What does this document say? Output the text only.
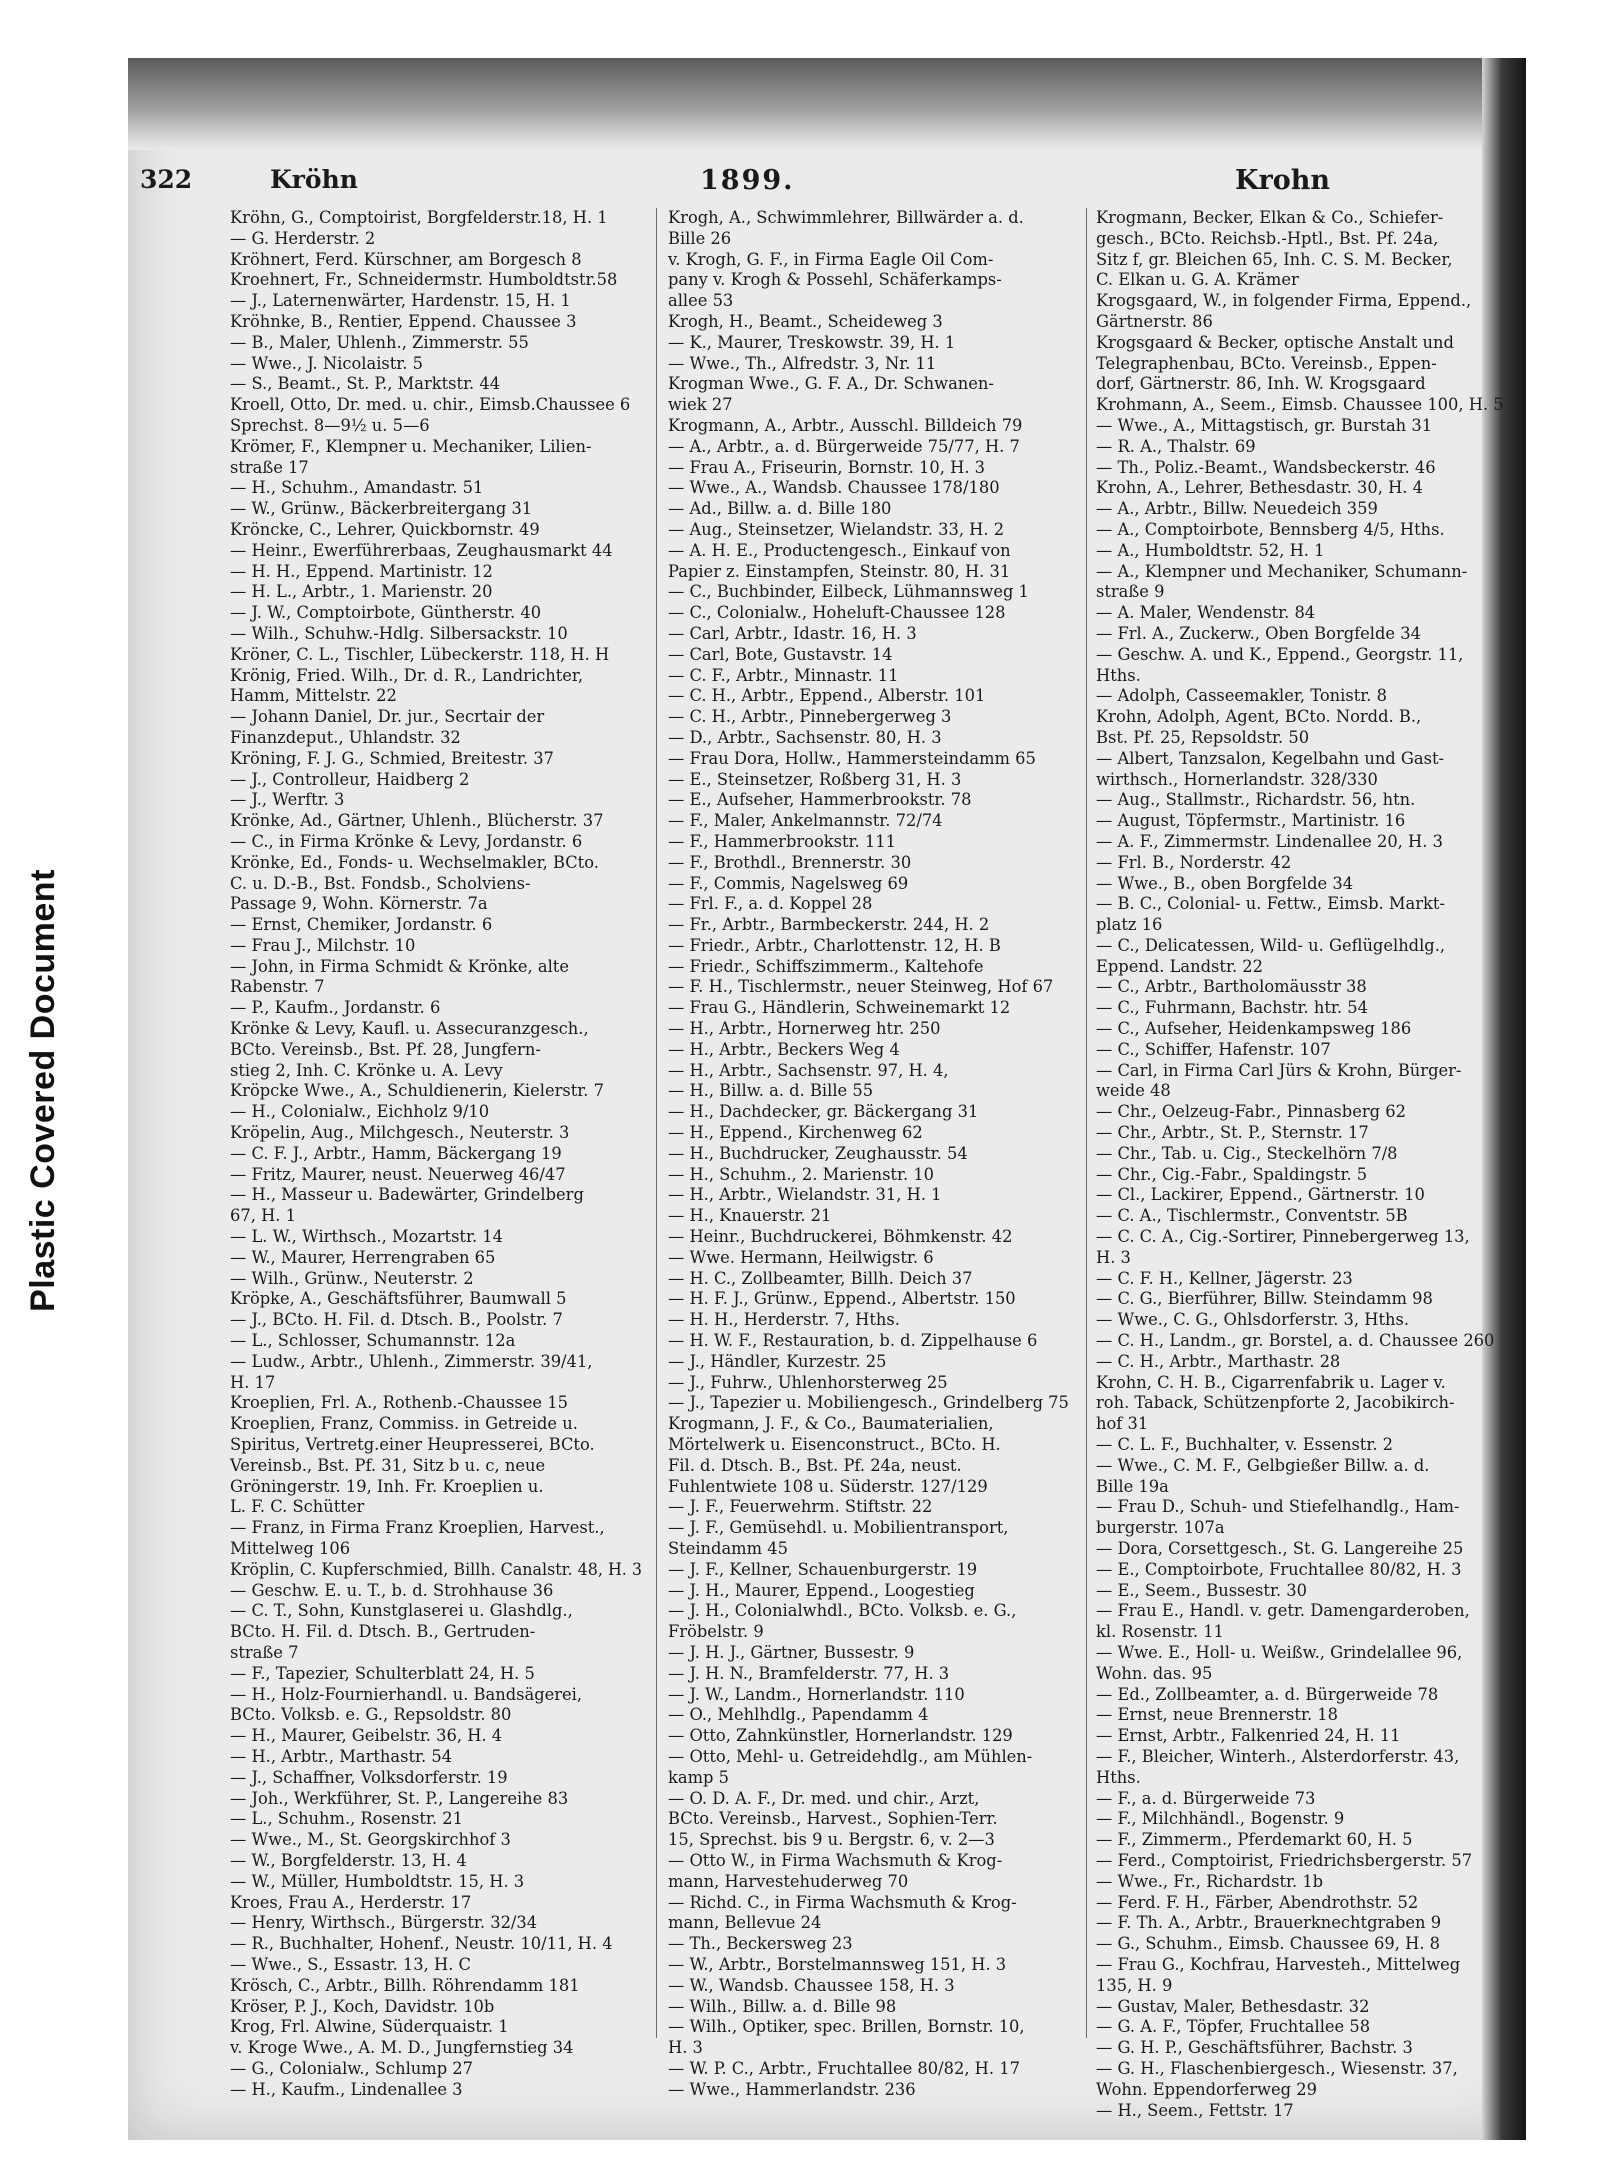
Plastic Covered Document
322	Kröhn	1899.	Krohn
Kröhn, G., Comptoirist, Borgfelderstr.18, H. 1
— G. Herderstr. 2
Kröhnert, Ferd. Kürschner, am Borgesch 8
Kroehnert, Fr., Schneidermstr. Humboldtstr.58
— J., Laternenwärter, Hardenstr. 15, H. 1
Kröhnke, B., Rentier, Eppend. Chaussee 3
— B., Maler, Uhlenh., Zimmerstr. 55
— Wwe., J. Nicolaistr. 5
— S., Beamt., St. P., Marktstr. 44
Kroell, Otto, Dr. med. u. chir., Eimsb.Chaussee 6
Sprechst. 8—9½ u. 5—6
Krömer, F., Klempner u. Mechaniker, Lilien-
straße 17
— H., Schuhm., Amandastr. 51
— W., Grünw., Bäckerbreitergang 31
Kröncke, C., Lehrer, Quickbornstr. 49
— Heinr., Ewerführerbaas, Zeughausmarkt 44
— H. H., Eppend. Martinistr. 12
— H. L., Arbtr., 1. Marienstr. 20
— J. W., Comptoirbote, Güntherstr. 40
— Wilh., Schuhw.-Hdlg. Silbersackstr. 10
Kröner, C. L., Tischler, Lübeckerstr. 118, H. H
Krönig, Fried. Wilh., Dr. d. R., Landrichter,
Hamm, Mittelstr. 22
— Johann Daniel, Dr. jur., Secrtair der
Finanzdeput., Uhlandstr. 32
Kröning, F. J. G., Schmied, Breitestr. 37
— J., Controlleur, Haidberg 2
— J., Werftr. 3
Krönke, Ad., Gärtner, Uhlenh., Blücherstr. 37
— C., in Firma Krönke & Levy, Jordanstr. 6
Krönke, Ed., Fonds- u. Wechselmakler, BCto.
C. u. D.-B., Bst. Fondsb., Scholviens-
Passage 9, Wohn. Körnerstr. 7a
— Ernst, Chemiker, Jordanstr. 6
— Frau J., Milchstr. 10
— John, in Firma Schmidt & Krönke, alte
Rabenstr. 7
— P., Kaufm., Jordanstr. 6
Krönke & Levy, Kaufl. u. Assecuranzgesch.,
BCto. Vereinsb., Bst. Pf. 28, Jungfern-
stieg 2, Inh. C. Krönke u. A. Levy
Kröpcke Wwe., A., Schuldienerin, Kielerstr. 7
— H., Colonialw., Eichholz 9/10
Kröpelin, Aug., Milchgesch., Neuterstr. 3
— C. F. J., Arbtr., Hamm, Bäckergang 19
— Fritz, Maurer, neust. Neuerweg 46/47
— H., Masseur u. Badewärter, Grindelberg
67, H. 1
— L. W., Wirthsch., Mozartstr. 14
— W., Maurer, Herrengraben 65
— Wilh., Grünw., Neuterstr. 2
Kröpke, A., Geschäftsführer, Baumwall 5
— J., BCto. H. Fil. d. Dtsch. B., Poolstr. 7
— L., Schlosser, Schumannstr. 12a
— Ludw., Arbtr., Uhlenh., Zimmerstr. 39/41,
H. 17
Kroeplien, Frl. A., Rothenb.-Chaussee 15
Kroeplien, Franz, Commiss. in Getreide u.
Spiritus, Vertretg.einer Heupresserei, BCto.
Vereinsb., Bst. Pf. 31, Sitz b u. c, neue
Gröningerstr. 19, Inh. Fr. Kroeplien u.
L. F. C. Schütter
— Franz, in Firma Franz Kroeplien, Harvest.,
Mittelweg 106
Kröplin, C. Kupferschmied, Billh. Canalstr. 48, H. 3
— Geschw. E. u. T., b. d. Strohhause 36
— C. T., Sohn, Kunstglaserei u. Glashdlg.,
BCto. H. Fil. d. Dtsch. B., Gertruden-
straße 7
— F., Tapezier, Schulterblatt 24, H. 5
— H., Holz-Fournierhandl. u. Bandsägerei,
BCto. Volksb. e. G., Repsoldstr. 80
— H., Maurer, Geibelstr. 36, H. 4
— H., Arbtr., Marthastr. 54
— J., Schaffner, Volksdorferstr. 19
— Joh., Werkführer, St. P., Langereihe 83
— L., Schuhm., Rosenstr. 21
— Wwe., M., St. Georgskirchhof 3
— W., Borgfelderstr. 13, H. 4
— W., Müller, Humboldtstr. 15, H. 3
Kroes, Frau A., Herderstr. 17
— Henry, Wirthsch., Bürgerstr. 32/34
— R., Buchhalter, Hohenf., Neustr. 10/11, H. 4
— Wwe., S., Essastr. 13, H. C
Krösch, C., Arbtr., Billh. Röhrendamm 181
Kröser, P. J., Koch, Davidstr. 10b
Krog, Frl. Alwine, Süderquaistr. 1
v. Kroge Wwe., A. M. D., Jungfernstieg 34
— G., Colonialw., Schlump 27
— H., Kaufm., Lindenallee 3
Krogh, A., Schwimmlehrer, Billwärder a. d.
Bille 26
v. Krogh, G. F., in Firma Eagle Oil Com-
pany v. Krogh & Possehl, Schäferkamps-
allee 53
Krogh, H., Beamt., Scheideweg 3
— K., Maurer, Treskowstr. 39, H. 1
— Wwe., Th., Alfredstr. 3, Nr. 11
Krogman Wwe., G. F. A., Dr. Schwanen-
wiek 27
Krogmann, A., Arbtr., Ausschl. Billdeich 79
— A., Arbtr., a. d. Bürgerweide 75/77, H. 7
— Frau A., Friseurin, Bornstr. 10, H. 3
— Wwe., A., Wandsb. Chaussee 178/180
— Ad., Billw. a. d. Bille 180
— Aug., Steinsetzer, Wielandstr. 33, H. 2
— A. H. E., Productengesch., Einkauf von
Papier z. Einstampfen, Steinstr. 80, H. 31
— C., Buchbinder, Eilbeck, Lühmannsweg 1
— C., Colonialw., Hoheluft-Chaussee 128
— Carl, Arbtr., Idastr. 16, H. 3
— Carl, Bote, Gustavstr. 14
— C. F., Arbtr., Minnastr. 11
— C. H., Arbtr., Eppend., Alberstr. 101
— C. H., Arbtr., Pinnebergerweg 3
— D., Arbtr., Sachsenstr. 80, H. 3
— Frau Dora, Hollw., Hammersteindamm 65
— E., Steinsetzer, Roßberg 31, H. 3
— E., Aufseher, Hammerbrookstr. 78
— F., Maler, Ankelmannstr. 72/74
— F., Hammerbrookstr. 111
— F., Brothdl., Brennerstr. 30
— F., Commis, Nagelsweg 69
— Frl. F., a. d. Koppel 28
— Fr., Arbtr., Barmbeckerstr. 244, H. 2
— Friedr., Arbtr., Charlottenstr. 12, H. B
— Friedr., Schiffszimmerm., Kaltehofe
— F. H., Tischlermstr., neuer Steinweg, Hof 67
— Frau G., Händlerin, Schweinemarkt 12
— H., Arbtr., Hornerweg htr. 250
— H., Arbtr., Beckers Weg 4
— H., Arbtr., Sachsenstr. 97, H. 4,
— H., Billw. a. d. Bille 55
— H., Dachdecker, gr. Bäckergang 31
— H., Eppend., Kirchenweg 62
— H., Buchdrucker, Zeughausstr. 54
— H., Schuhm., 2. Marienstr. 10
— H., Arbtr., Wielandstr. 31, H. 1
— H., Knauerstr. 21
— Heinr., Buchdruckerei, Böhmkenstr. 42
— Wwe. Hermann, Heilwigstr. 6
— H. C., Zollbeamter, Billh. Deich 37
— H. F. J., Grünw., Eppend., Albertstr. 150
— H. H., Herderstr. 7, Hths.
— H. W. F., Restauration, b. d. Zippelhause 6
— J., Händler, Kurzestr. 25
— J., Fuhrw., Uhlenhorsterweg 25
— J., Tapezier u. Mobiliengesch., Grindelberg 75
Krogmann, J. F., & Co., Baumaterialien,
Mörtelwerk u. Eisenconstruct., BCto. H.
Fil. d. Dtsch. B., Bst. Pf. 24a, neust.
Fuhlentwiete 108 u. Süderstr. 127/129
— J. F., Feuerwehrm. Stiftstr. 22
— J. F., Gemüsehdl. u. Mobilientransport,
Steindamm 45
— J. F., Kellner, Schauenburgerstr. 19
— J. H., Maurer, Eppend., Loogestieg
— J. H., Colonialwhdl., BCto. Volksb. e. G.,
Fröbelstr. 9
— J. H. J., Gärtner, Bussestr. 9
— J. H. N., Bramfelderstr. 77, H. 3
— J. W., Landm., Hornerlandstr. 110
— O., Mehlhdlg., Papendamm 4
— Otto, Zahnkünstler, Hornerlandstr. 129
— Otto, Mehl- u. Getreidehdlg., am Mühlen-
kamp 5
— O. D. A. F., Dr. med. und chir., Arzt,
BCto. Vereinsb., Harvest., Sophien-Terr.
15, Sprechst. bis 9 u. Bergstr. 6, v. 2—3
— Otto W., in Firma Wachsmuth & Krog-
mann, Harvestehuderweg 70
— Richd. C., in Firma Wachsmuth & Krog-
mann, Bellevue 24
— Th., Beckersweg 23
— W., Arbtr., Borstelmannsweg 151, H. 3
— W., Wandsb. Chaussee 158, H. 3
— Wilh., Billw. a. d. Bille 98
— Wilh., Optiker, spec. Brillen, Bornstr. 10,
H. 3
— W. P. C., Arbtr., Fruchtallee 80/82, H. 17
— Wwe., Hammerlandstr. 236
Krogmann, Becker, Elkan & Co., Schiefer-
gesch., BCto. Reichsb.-Hptl., Bst. Pf. 24a,
Sitz f, gr. Bleichen 65, Inh. C. S. M. Becker,
C. Elkan u. G. A. Krämer
Krogsgaard, W., in folgender Firma, Eppend.,
Gärtnerstr. 86
Krogsgaard & Becker, optische Anstalt und
Telegraphenbau, BCto. Vereinsb., Eppen-
dorf, Gärtnerstr. 86, Inh. W. Krogsgaard
Krohmann, A., Seem., Eimsb. Chaussee 100, H. 5
— Wwe., A., Mittagstisch, gr. Burstah 31
— R. A., Thalstr. 69
— Th., Poliz.-Beamt., Wandsbeckerstr. 46
Krohn, A., Lehrer, Bethesdastr. 30, H. 4
— A., Arbtr., Billw. Neuedeich 359
— A., Comptoirbote, Bennsberg 4/5, Hths.
— A., Humboldtstr. 52, H. 1
— A., Klempner und Mechaniker, Schumann-
straße 9
— A. Maler, Wendenstr. 84
— Frl. A., Zuckerw., Oben Borgfelde 34
— Geschw. A. und K., Eppend., Georgstr. 11,
Hths.
— Adolph, Casseemakler, Tonistr. 8
Krohn, Adolph, Agent, BCto. Nordd. B.,
Bst. Pf. 25, Repsoldstr. 50
— Albert, Tanzsalon, Kegelbahn und Gast-
wirthsch., Hornerlandstr. 328/330
— Aug., Stallmstr., Richardstr. 56, htn.
— August, Töpfermstr., Martinistr. 16
— A. F., Zimmermstr. Lindenallee 20, H. 3
— Frl. B., Norderstr. 42
— Wwe., B., oben Borgfelde 34
— B. C., Colonial- u. Fettw., Eimsb. Markt-
platz 16
— C., Delicatessen, Wild- u. Geflügelhdlg.,
Eppend. Landstr. 22
— C., Arbtr., Bartholomäusstr 38
— C., Fuhrmann, Bachstr. htr. 54
— C., Aufseher, Heidenkampsweg 186
— C., Schiffer, Hafenstr. 107
— Carl, in Firma Carl Jürs & Krohn, Bürger-
weide 48
— Chr., Oelzeug-Fabr., Pinnasberg 62
— Chr., Arbtr., St. P., Sternstr. 17
— Chr., Tab. u. Cig., Steckelhörn 7/8
— Chr., Cig.-Fabr., Spaldingstr. 5
— Cl., Lackirer, Eppend., Gärtnerstr. 10
— C. A., Tischlermstr., Conventstr. 5B
— C. C. A., Cig.-Sortirer, Pinnebergerweg 13,
H. 3
— C. F. H., Kellner, Jägerstr. 23
— C. G., Bierführer, Billw. Steindamm 98
— Wwe., C. G., Ohlsdorferstr. 3, Hths.
— C. H., Landm., gr. Borstel, a. d. Chaussee 260
— C. H., Arbtr., Marthastr. 28
Krohn, C. H. B., Cigarrenfabrik u. Lager v.
roh. Taback, Schützenpforte 2, Jacobikirch-
hof 31
— C. L. F., Buchhalter, v. Essenstr. 2
— Wwe., C. M. F., Gelbgießer Billw. a. d.
Bille 19a
— Frau D., Schuh- und Stiefelhandlg., Ham-
burgerstr. 107a
— Dora, Corsettgesch., St. G. Langereihe 25
— E., Comptoirbote, Fruchtallee 80/82, H. 3
— E., Seem., Bussestr. 30
— Frau E., Handl. v. getr. Damengarderoben,
kl. Rosenstr. 11
— Wwe. E., Holl- u. Weißw., Grindelallee 96,
Wohn. das. 95
— Ed., Zollbeamter, a. d. Bürgerweide 78
— Ernst, neue Brennerstr. 18
— Ernst, Arbtr., Falkenried 24, H. 11
— F., Bleicher, Winterh., Alsterdorferstr. 43,
Hths.
— F., a. d. Bürgerweide 73
— F., Milchhändl., Bogenstr. 9
— F., Zimmerm., Pferdemarkt 60, H. 5
— Ferd., Comptoirist, Friedrichsbergerstr. 57
— Wwe., Fr., Richardstr. 1b
— Ferd. F. H., Färber, Abendrothstr. 52
— F. Th. A., Arbtr., Brauerknechtgraben 9
— G., Schuhm., Eimsb. Chaussee 69, H. 8
— Frau G., Kochfrau, Harvesteh., Mittelweg
135, H. 9
— Gustav, Maler, Bethesdastr. 32
— G. A. F., Töpfer, Fruchtallee 58
— G. H. P., Geschäftsführer, Bachstr. 3
— G. H., Flaschenbiergesch., Wiesenstr. 37,
Wohn. Eppendorferweg 29
— H., Seem., Fettstr. 17
